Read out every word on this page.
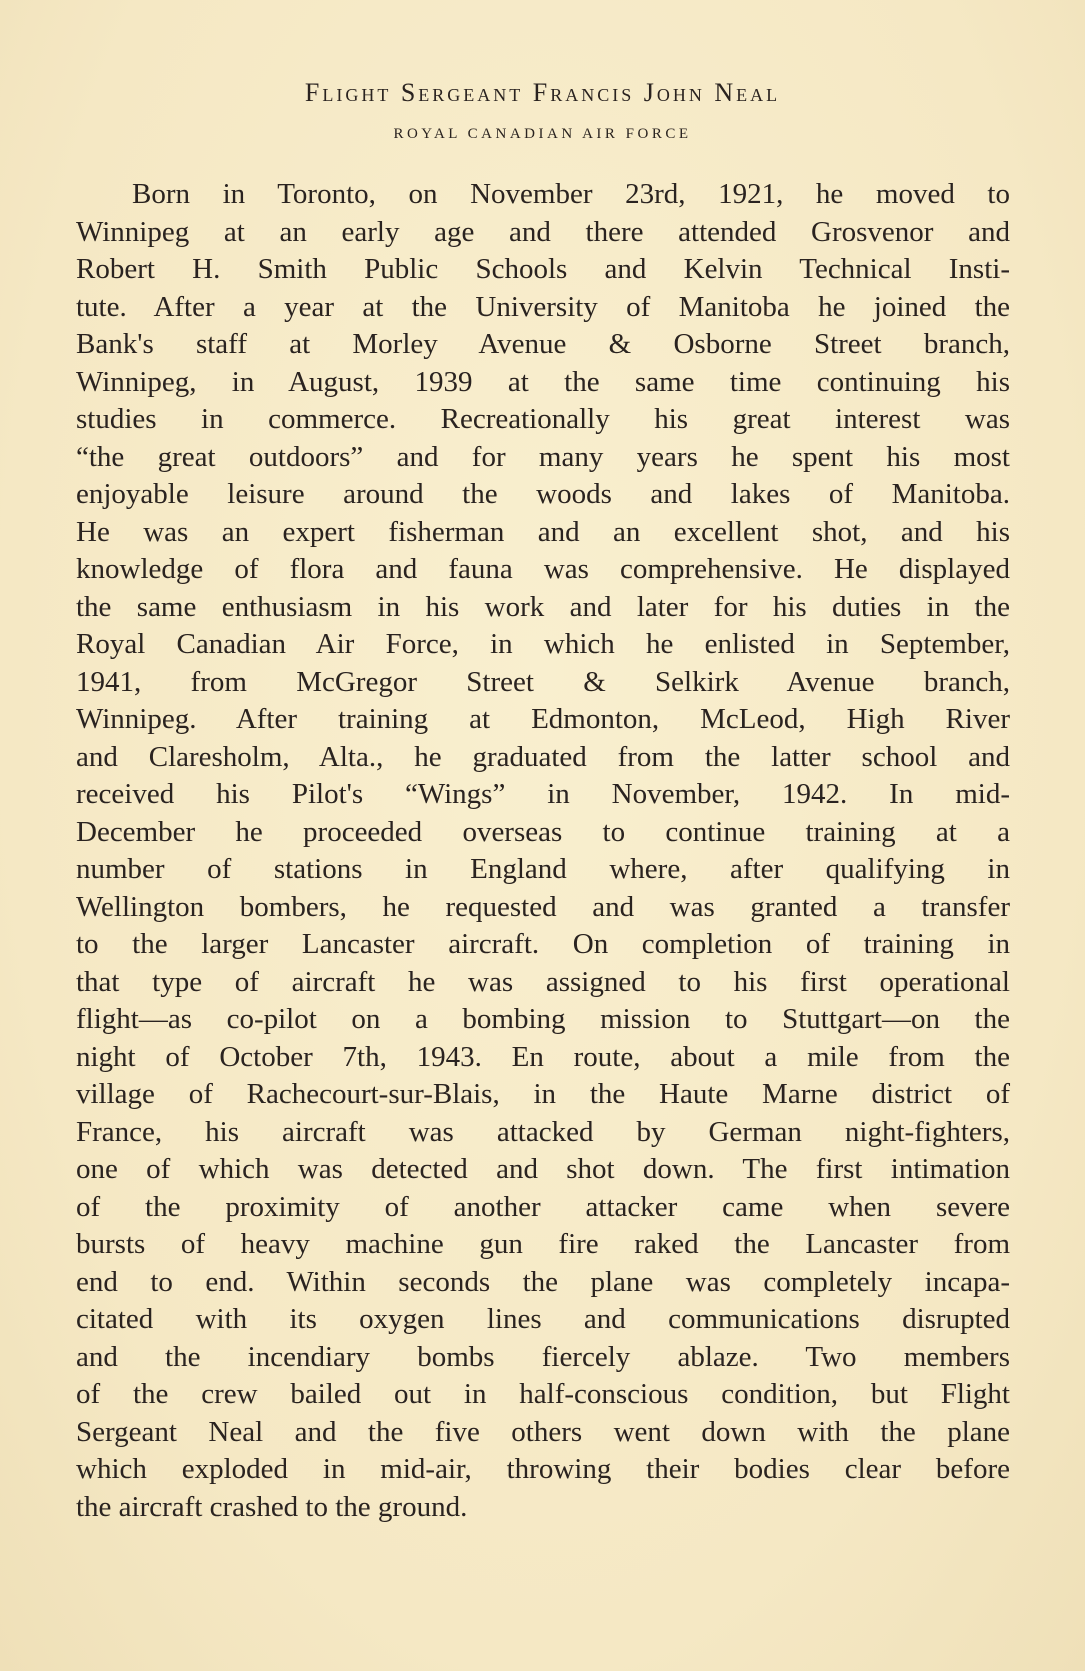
Flight Sergeant Francis John Neal
ROYAL CANADIAN AIR FORCE
Born in Toronto, on November 23rd, 1921, he moved to
Winnipeg at an early age and there attended Grosvenor and
Robert H. Smith Public Schools and Kelvin Technical Insti-
tute. After a year at the University of Manitoba he joined the
Bank's staff at Morley Avenue & Osborne Street branch,
Winnipeg, in August, 1939 at the same time continuing his
studies in commerce. Recreationally his great interest was
“the great outdoors” and for many years he spent his most
enjoyable leisure around the woods and lakes of Manitoba.
He was an expert fisherman and an excellent shot, and his
knowledge of flora and fauna was comprehensive. He displayed
the same enthusiasm in his work and later for his duties in the
Royal Canadian Air Force, in which he enlisted in September,
1941, from McGregor Street & Selkirk Avenue branch,
Winnipeg. After training at Edmonton, McLeod, High River
and Claresholm, Alta., he graduated from the latter school and
received his Pilot's “Wings” in November, 1942. In mid-
December he proceeded overseas to continue training at a
number of stations in England where, after qualifying in
Wellington bombers, he requested and was granted a transfer
to the larger Lancaster aircraft. On completion of training in
that type of aircraft he was assigned to his first operational
flight—as co-pilot on a bombing mission to Stuttgart—on the
night of October 7th, 1943. En route, about a mile from the
village of Rachecourt-sur-Blais, in the Haute Marne district of
France, his aircraft was attacked by German night-fighters,
one of which was detected and shot down. The first intimation
of the proximity of another attacker came when severe
bursts of heavy machine gun fire raked the Lancaster from
end to end. Within seconds the plane was completely incapa-
citated with its oxygen lines and communications disrupted
and the incendiary bombs fiercely ablaze. Two members
of the crew bailed out in half-conscious condition, but Flight
Sergeant Neal and the five others went down with the plane
which exploded in mid-air, throwing their bodies clear before
the aircraft crashed to the ground.
